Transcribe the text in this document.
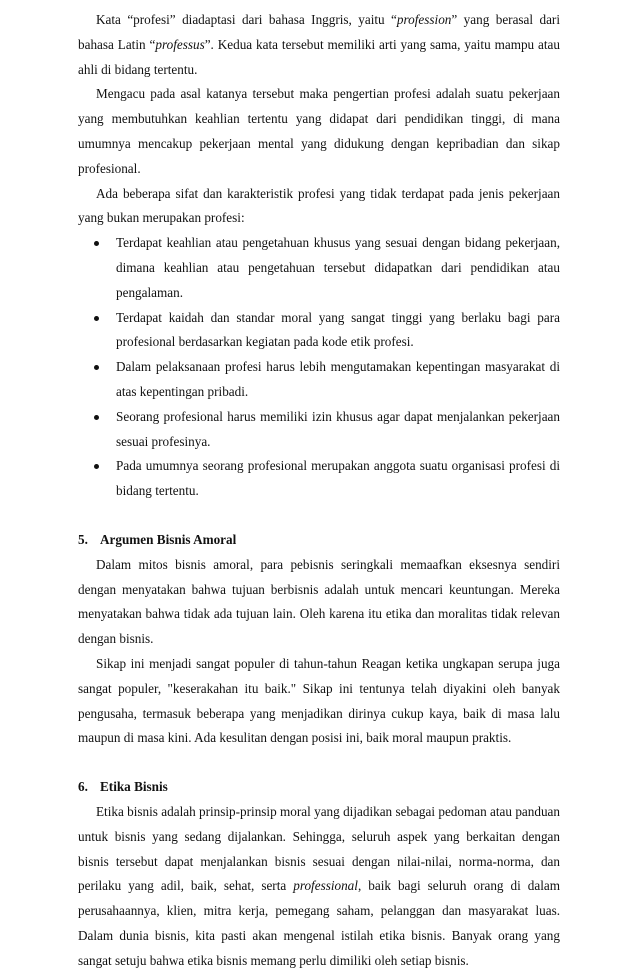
Kata “profesi” diadaptasi dari bahasa Inggris, yaitu “profession” yang berasal dari bahasa Latin “professus”. Kedua kata tersebut memiliki arti yang sama, yaitu mampu atau ahli di bidang tertentu.

Mengacu pada asal katanya tersebut maka pengertian profesi adalah suatu pekerjaan yang membutuhkan keahlian tertentu yang didapat dari pendidikan tinggi, di mana umumnya mencakup pekerjaan mental yang didukung dengan kepribadian dan sikap profesional.

Ada beberapa sifat dan karakteristik profesi yang tidak terdapat pada jenis pekerjaan yang bukan merupakan profesi:

Terdapat keahlian atau pengetahuan khusus yang sesuai dengan bidang pekerjaan, dimana keahlian atau pengetahuan tersebut didapatkan dari pendidikan atau pengalaman.
Terdapat kaidah dan standar moral yang sangat tinggi yang berlaku bagi para profesional berdasarkan kegiatan pada kode etik profesi.
Dalam pelaksanaan profesi harus lebih mengutamakan kepentingan masyarakat di atas kepentingan pribadi.
Seorang profesional harus memiliki izin khusus agar dapat menjalankan pekerjaan sesuai profesinya.
Pada umumnya seorang profesional merupakan anggota suatu organisasi profesi di bidang tertentu.
5. Argumen Bisnis Amoral

Dalam mitos bisnis amoral, para pebisnis seringkali memaafkan eksesnya sendiri dengan menyatakan bahwa tujuan berbisnis adalah untuk mencari keuntungan. Mereka menyatakan bahwa tidak ada tujuan lain. Oleh karena itu etika dan moralitas tidak relevan dengan bisnis.

Sikap ini menjadi sangat populer di tahun-tahun Reagan ketika ungkapan serupa juga sangat populer, "keserakahan itu baik." Sikap ini tentunya telah diyakini oleh banyak pengusaha, termasuk beberapa yang menjadikan dirinya cukup kaya, baik di masa lalu maupun di masa kini. Ada kesulitan dengan posisi ini, baik moral maupun praktis.

6. Etika Bisnis

Etika bisnis adalah prinsip-prinsip moral yang dijadikan sebagai pedoman atau panduan untuk bisnis yang sedang dijalankan. Sehingga, seluruh aspek yang berkaitan dengan bisnis tersebut dapat menjalankan bisnis sesuai dengan nilai-nilai, norma-norma, dan perilaku yang adil, baik, sehat, serta professional, baik bagi seluruh orang di dalam perusahaannya, klien, mitra kerja, pemegang saham, pelanggan dan masyarakat luas. Dalam dunia bisnis, kita pasti akan mengenal istilah etika bisnis. Banyak orang yang sangat setuju bahwa etika bisnis memang perlu dimiliki oleh setiap bisnis.
